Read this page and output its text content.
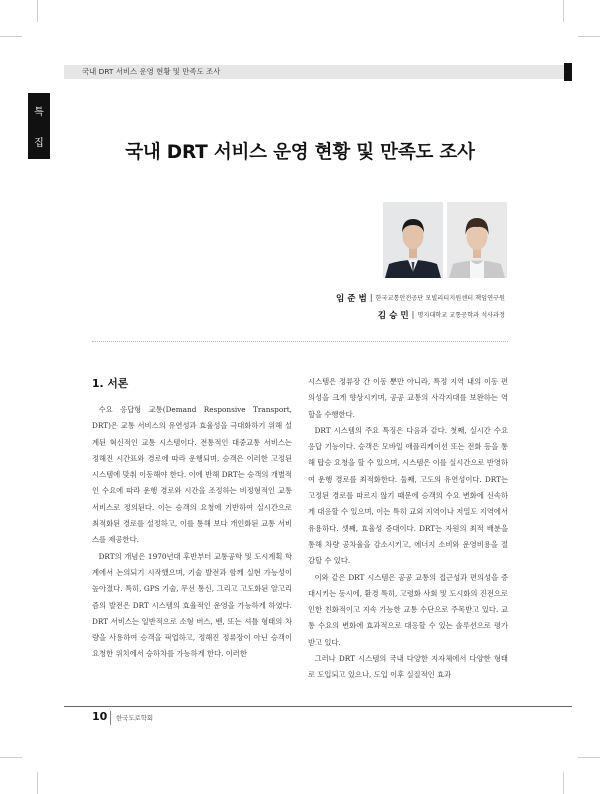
국내 DRT 서비스 운영 현황 및 만족도 조사
특
집	국내 DRT 서비스 운영 현황 및 만족도 조사
임 준 범 | 한국교통안전공단 모빌리티지원센터 책임연구원
김 승 민 | 명지대학교 교통공학과 석사과정
1. 서론

수요 응답형 교통(Demand Responsive Transport, DRT)은 교통 서비스의 유연성과 효율성을 극대화하기 위해 설계된 혁신적인 교통 시스템이다. 전통적인 대중교통 서비스는 정해진 시간표와 경로에 따라 운행되며, 승객은 이러한 고정된 시스템에 맞춰 이동해야 한다. 이에 반해 DRT는 승객의 개별적인 수요에 따라 운행 경로와 시간을 조정하는 비정형적인 교통 서비스로 정의된다. 이는 승객의 요청에 기반하여 실시간으로 최적화된 경로를 설정하고, 이를 통해 보다 개인화된 교통 서비스를 제공한다.

DRT의 개념은 1970년대 후반부터 교통공학 및 도시계획 학계에서 논의되기 시작했으며, 기술 발전과 함께 실현 가능성이 높아졌다. 특히, GPS 기술, 무선 통신, 그리고 고도화된 알고리즘의 발전은 DRT 시스템의 효율적인 운영을 가능하게 하였다. DRT 서비스는 일반적으로 소형 버스, 밴, 또는 셔틀 형태의 차량을 사용하여 승객을 픽업하고, 정해진 정류장이 아닌 승객이 요청한 위치에서 승하차를 가능하게 한다. 이러한

시스템은 정류장 간 이동 뿐만 아니라, 특정 지역 내의 이동 편의성을 크게 향상시키며, 공공 교통의 사각지대를 보완하는 역할을 수행한다.

DRT 시스템의 주요 특징은 다음과 같다. 첫째, 실시간 수요 응답 기능이다. 승객은 모바일 애플리케이션 또는 전화 등을 통해 탑승 요청을 할 수 있으며, 시스템은 이를 실시간으로 반영하여 운행 경로를 최적화한다. 둘째, 고도의 유연성이다. DRT는 고정된 경로를 따르지 않기 때문에 승객의 수요 변화에 신속하게 대응할 수 있으며, 이는 특히 교외 지역이나 저밀도 지역에서 유용하다. 셋째, 효율성 증대이다. DRT는 자원의 최적 배분을 통해 차량 공차율을 감소시키고, 에너지 소비와 운영비용을 절감할 수 있다.

이와 같은 DRT 시스템은 공공 교통의 접근성과 편의성을 증대시키는 동시에, 환경 특히, 고령화 사회 및 도시화의 진전으로 인한 친화적이고 지속 가능한 교통 수단으로 주목받고 있다. 교통 수요의 변화에 효과적으로 대응할 수 있는 솔루션으로 평가받고 있다.

그러나 DRT 시스템의 국내 다양한 지자체에서 다양한 형태로 도입되고 있으나, 도입 이후 실질적인 효과

10 한국도로학회
